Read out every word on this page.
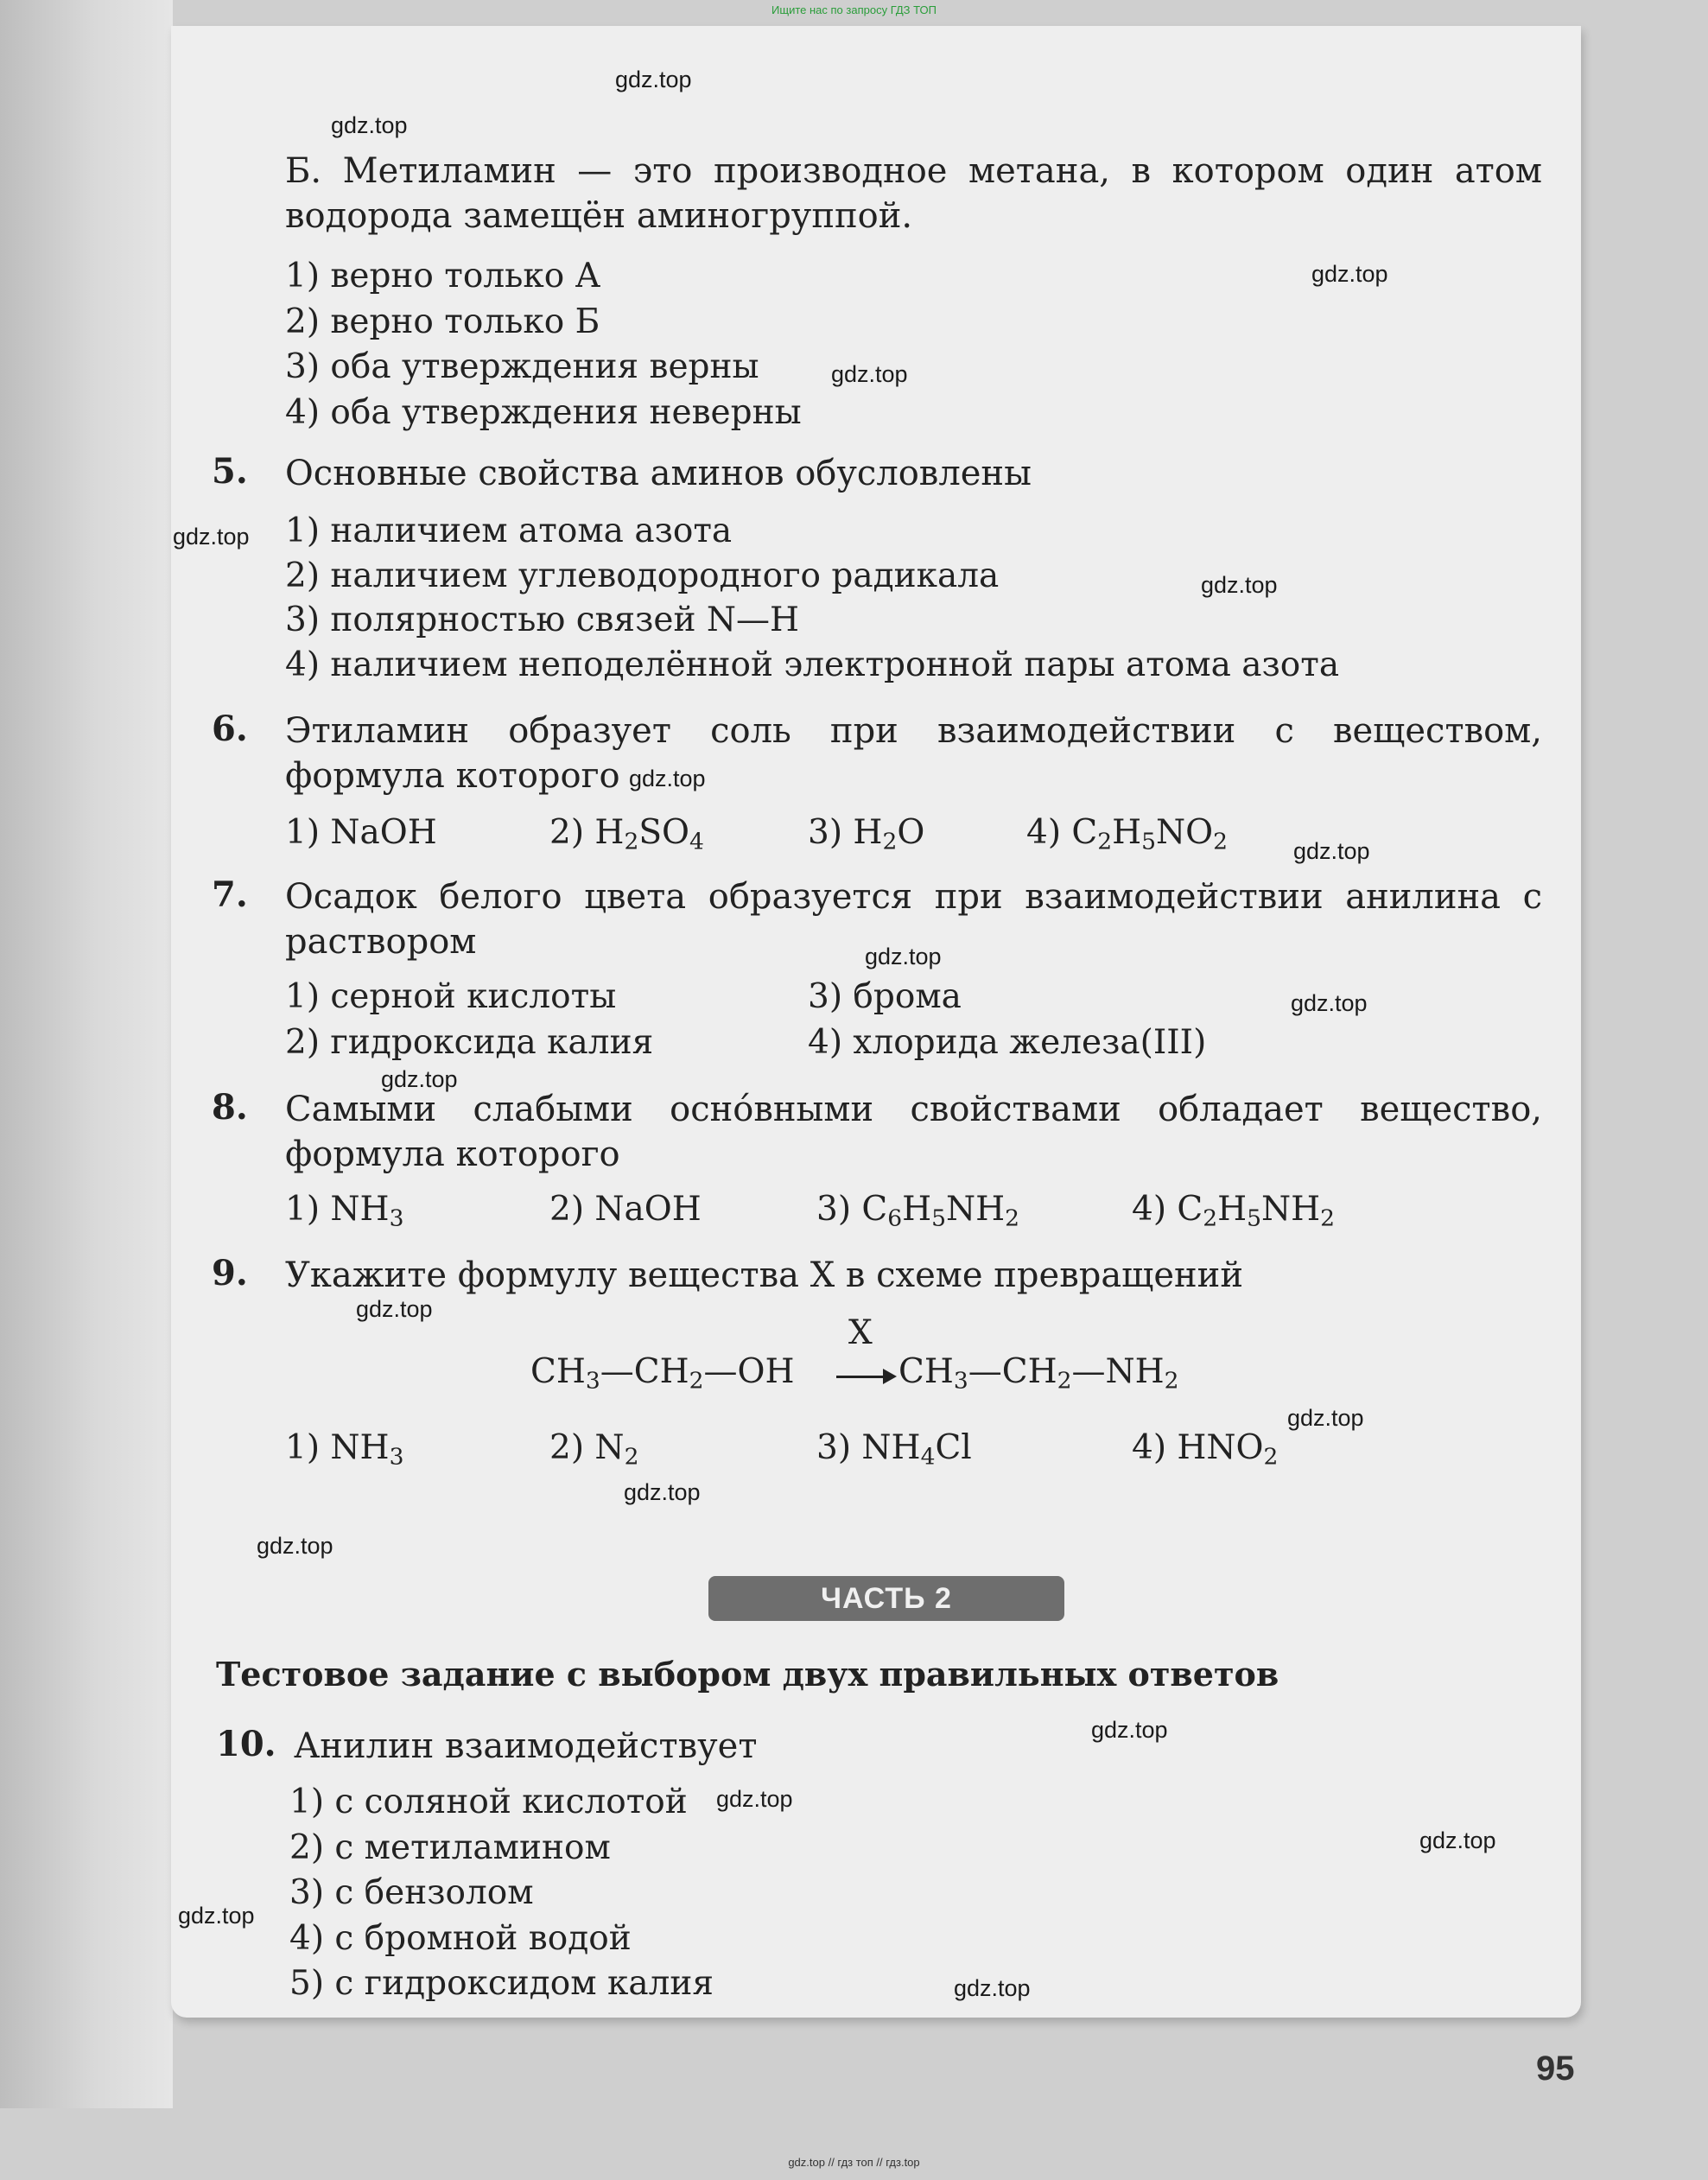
Ищите нас по запросу ГДЗ ТОП
Б. Метиламин — это производное метана, в котором один атом водорода замещён аминогруппой.
1) верно только А
2) верно только Б
3) оба утверждения верны
4) оба утверждения неверны
5. Основные свойства аминов обусловлены
1) наличием атома азота
2) наличием углеводородного радикала
3) полярностью связей N—H
4) наличием неподелённой электронной пары атома азота
6. Этиламин образует соль при взаимодействии с веществом, формула которого
1) NaOH	2) $H_2SO_4$	3) $H_2O$	4) $C_2H_5NO_2$
7. Осадок белого цвета образуется при взаимодействии анилина с раствором
1) серной кислоты	3) брома
2) гидроксида калия	4) хлорида железа(III)
8. Самыми слабыми оснóвными свойствами обладает вещество, формула которого
1) $NH_3$	2) NaOH	3) $C_6H_5NH_2$	4) $C_2H_5NH_2$
9. Укажите формулу вещества X в схеме превращений
X
$CH_3—CH_2—OH$	$CH_3—CH_2—NH_2$
1) $NH_3$	2) $N_2$	3) $NH_4Cl$	4) $HNO_2$
ЧАСТЬ 2
Тестовое задание с выбором двух правильных ответов
10. Анилин взаимодействует
1) с соляной кислотой
2) с метиламином
3) с бензолом
4) с бромной водой
5) с гидроксидом калия
95
gdz.top
gdz.top
gdz.top
gdz.top
gdz.top
gdz.top
gdz.top
gdz.top
gdz.top
gdz.top
gdz.top
gdz.top
gdz.top
gdz.top
gdz.top
gdz.top
gdz.top
gdz.top
gdz.top
gdz.top
gdz.top // гдз топ // гдз.top
